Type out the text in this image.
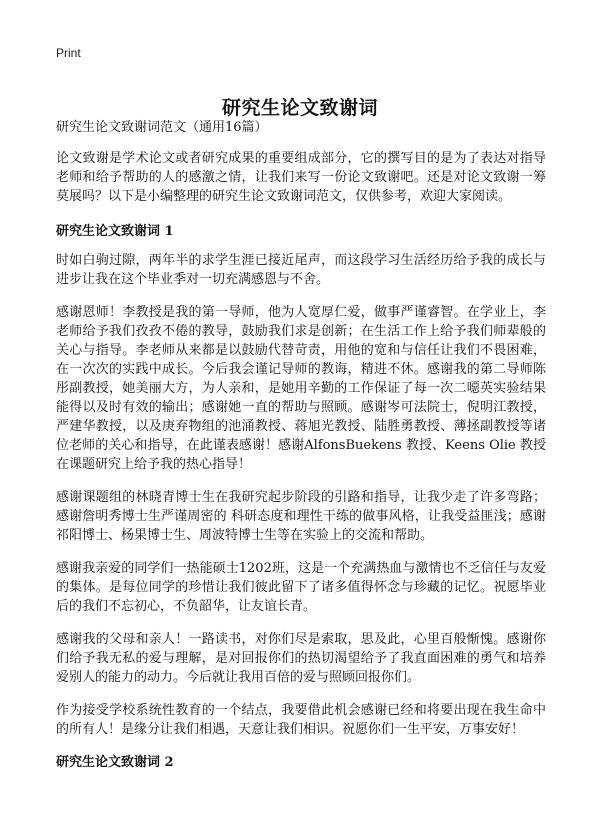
Print
研究生论文致谢词

研究生论文致谢词范文（通用16篇）

论文致谢是学术论文或者研究成果的重要组成部分，它的撰写目的是为了表达对指导老师和给予帮助的人的感激之情，让我们来写一份论文致谢吧。还是对论文致谢一筹莫展吗？以下是小编整理的研究生论文致谢词范文，仅供参考，欢迎大家阅读。

研究生论文致谢词 1

时如白驹过隙，两年半的求学生涯已接近尾声，而这段学习生活经历给予我的成长与进步让我在这个毕业季对一切充满感恩与不舍。

感谢恩师！李教授是我的第一导师，他为人宽厚仁爱，做事严谨睿智。在学业上，李老师给予我们孜孜不倦的教导，鼓励我们求是创新；在生活工作上给予我们师辈般的关心与指导。李老师从来都是以鼓励代替苛责，用他的宽和与信任让我们不畏困难，在一次次的实践中成长。今后我会谨记导师的教诲，精进不休。感谢我的第二导师陈彤副教授，她美丽大方，为人亲和，是她用辛勤的工作保证了每一次二噁英实验结果能得以及时有效的输出；感谢她一直的帮助与照顾。感谢岑可法院士，倪明江教授，严建华教授，以及庚弃物组的池涌教授、蒋旭光教授、陆胜勇教授、薄拯副教授等诸位老师的关心和指导，在此谨表感谢！感谢AlfonsBuekens 教授、Keens Olie 教授在课题研究上给予我的热心指导！

感谢课题组的林晓青博士生在我研究起步阶段的引路和指导，让我少走了许多弯路；感谢詹明秀博士生严谨周密的 科研态度和理性干练的做事风格，让我受益匪浅；感谢祁阳博士、杨果博士生、周波特博士生等在实验上的交流和帮助。

感谢我亲爱的同学们一热能硕士1202班，这是一个充满热血与激情也不乏信任与友爱的集体。是每位同学的珍惜让我们彼此留下了诸多值得怀念与珍藏的记忆。祝愿毕业后的我们不忘初心，不负韶华，让友谊长青。

感谢我的父母和亲人！一路读书，对你们尽是索取，思及此，心里百般惭愧。感谢你们给予我无私的爱与理解，是对回报你们的热切渴望给予了我直面困难的勇气和培养爱别人的能力的动力。今后就让我用百倍的爱与照顾回报你们。

作为接受学校系统性教育的一个结点，我要借此机会感谢已经和将要出现在我生命中的所有人！是缘分让我们相遇，天意让我们相识。祝愿你们一生平安，万事安好！

研究生论文致谢词 2
